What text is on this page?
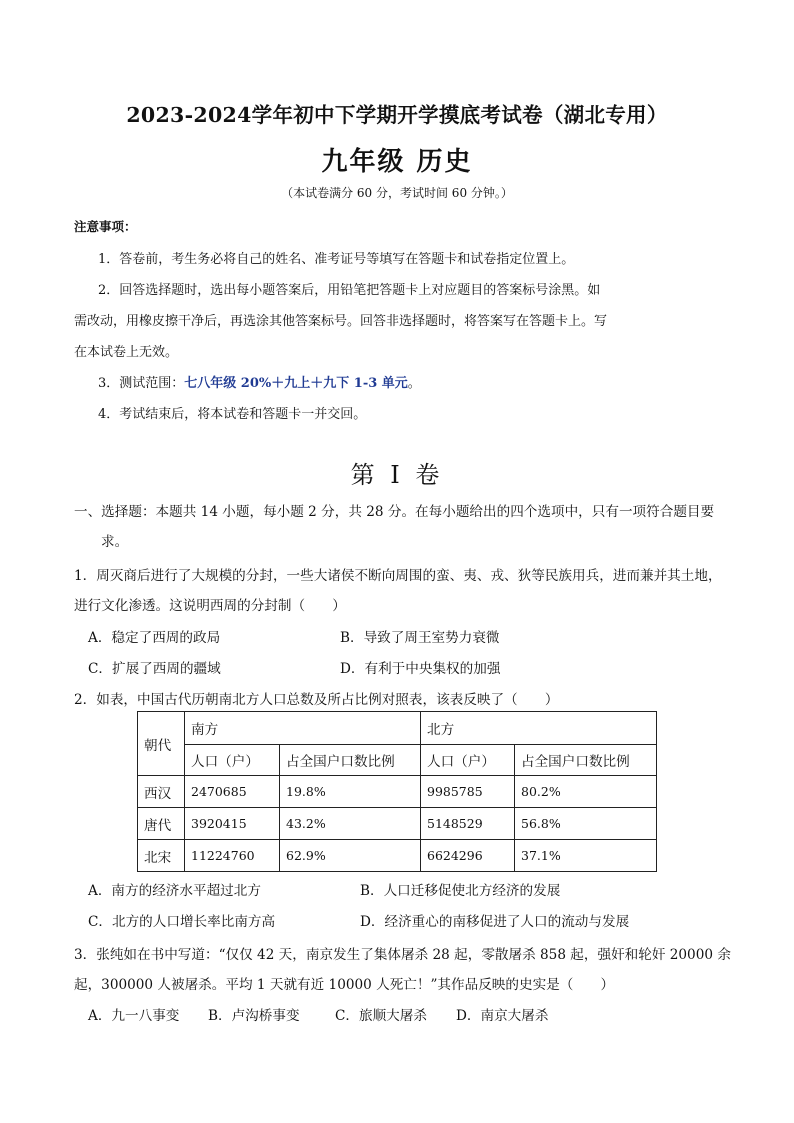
2023-2024学年初中下学期开学摸底考试卷（湖北专用）
九年级 历史
（本试卷满分 60 分，考试时间 60 分钟。）
注意事项：
1．答卷前，考生务必将自己的姓名、准考证号等填写在答题卡和试卷指定位置上。
2．回答选择题时，选出每小题答案后，用铅笔把答题卡上对应题目的答案标号涂黑。如
需改动，用橡皮擦干净后，再选涂其他答案标号。回答非选择题时，将答案写在答题卡上。写
在本试卷上无效。
3．测试范围：七八年级 20%＋九上＋九下 1-3 单元。
4．考试结束后，将本试卷和答题卡一并交回。
第 I 卷
一、选择题：本题共 14 小题，每小题 2 分，共 28 分。在每小题给出的四个选项中，只有一项符合题目要
求。
1．周灭商后进行了大规模的分封，一些大诸侯不断向周围的蛮、夷、戎、狄等民族用兵，进而兼并其土地，
进行文化渗透。这说明西周的分封制（　　）
A．稳定了西周的政局	B．导致了周王室势力衰微
C．扩展了西周的疆域	D．有利于中央集权的加强
2．如表，中国古代历朝南北方人口总数及所占比例对照表，该表反映了（　　）
朝代	南方		北方	
	人口（户）	占全国户口数比例	人口（户）	占全国户口数比例
西汉	2470685	19.8%	9985785	80.2%
唐代	3920415	43.2%	5148529	56.8%
北宋	11224760	62.9%	6624296	37.1%
A．南方的经济水平超过北方	B．人口迁移促使北方经济的发展
C．北方的人口增长率比南方高	D．经济重心的南移促进了人口的流动与发展
3．张纯如在书中写道：“仅仅 42 天，南京发生了集体屠杀 28 起，零散屠杀 858 起，强奸和轮奸 20000 余
起，300000 人被屠杀。平均 1 天就有近 10000 人死亡！”其作品反映的史实是（　　）
A．九一八事变 B．卢沟桥事变	C．旅顺大屠杀 D．南京大屠杀
